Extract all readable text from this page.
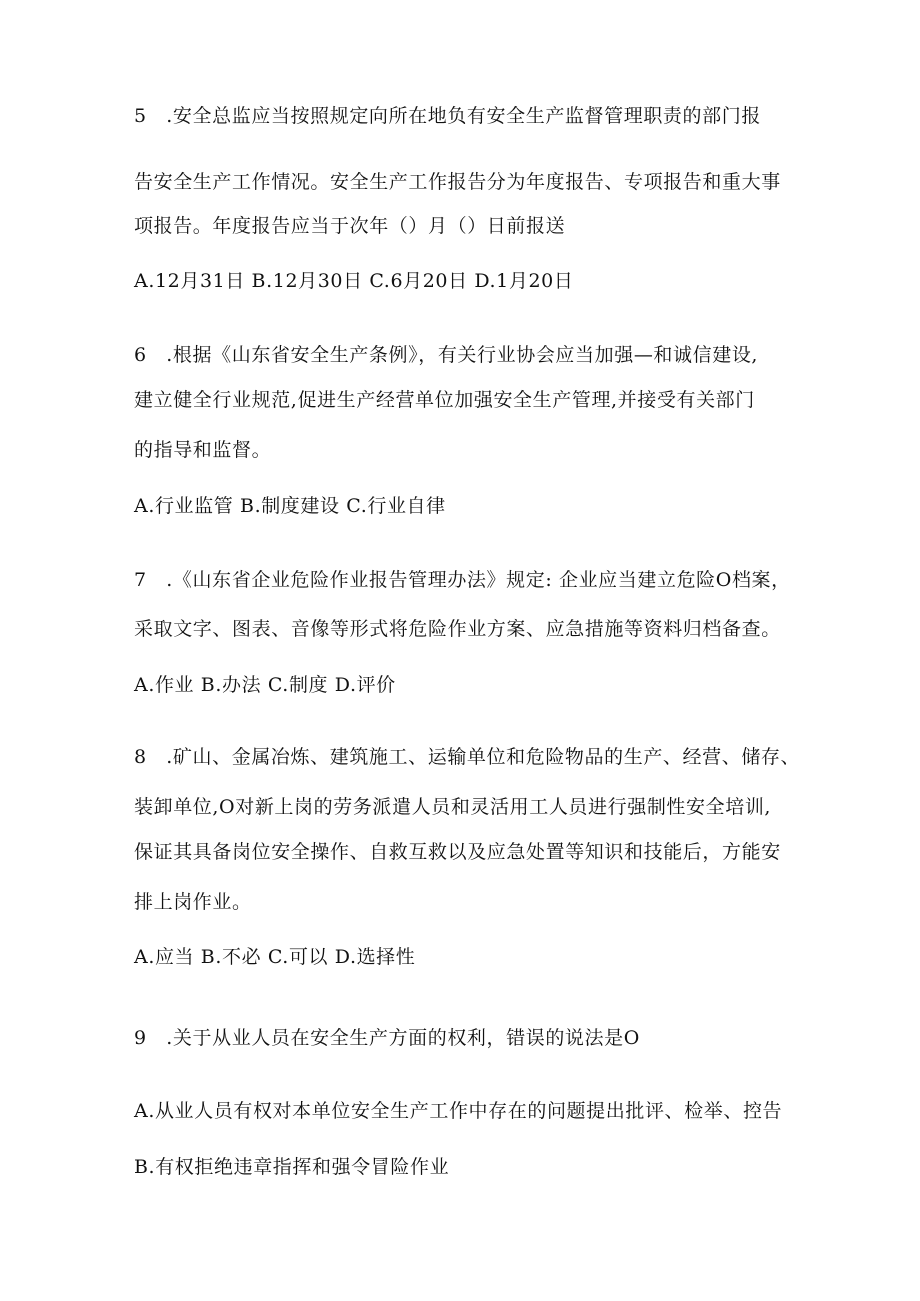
5　.安全总监应当按照规定向所在地负有安全生产监督管理职责的部门报
告安全生产工作情况。安全生产工作报告分为年度报告、专项报告和重大事
项报告。年度报告应当于次年（）月（）日前报送
A.12月31日 B.12月30日 C.6月20日 D.1月20日
6　.根据《山东省安全生产条例》，有关行业协会应当加强—和诚信建设,
建立健全行业规范,促进生产经营单位加强安全生产管理,并接受有关部门
的指导和监督。
A.行业监管 B.制度建设 C.行业自律
7　.《山东省企业危险作业报告管理办法》规定: 企业应当建立危险O档案，
采取文字、图表、音像等形式将危险作业方案、应急措施等资料归档备查。
A.作业 B.办法 C.制度 D.评价
8　.矿山、金属冶炼、建筑施工、运输单位和危险物品的生产、经营、储存、
装卸单位,O对新上岗的劳务派遣人员和灵活用工人员进行强制性安全培训,
保证其具备岗位安全操作、自救互救以及应急处置等知识和技能后，方能安
排上岗作业。
A.应当 B.不必 C.可以 D.选择性
9　.关于从业人员在安全生产方面的权利，错误的说法是O
A.从业人员有权对本单位安全生产工作中存在的问题提出批评、检举、控告
B.有权拒绝违章指挥和强令冒险作业
